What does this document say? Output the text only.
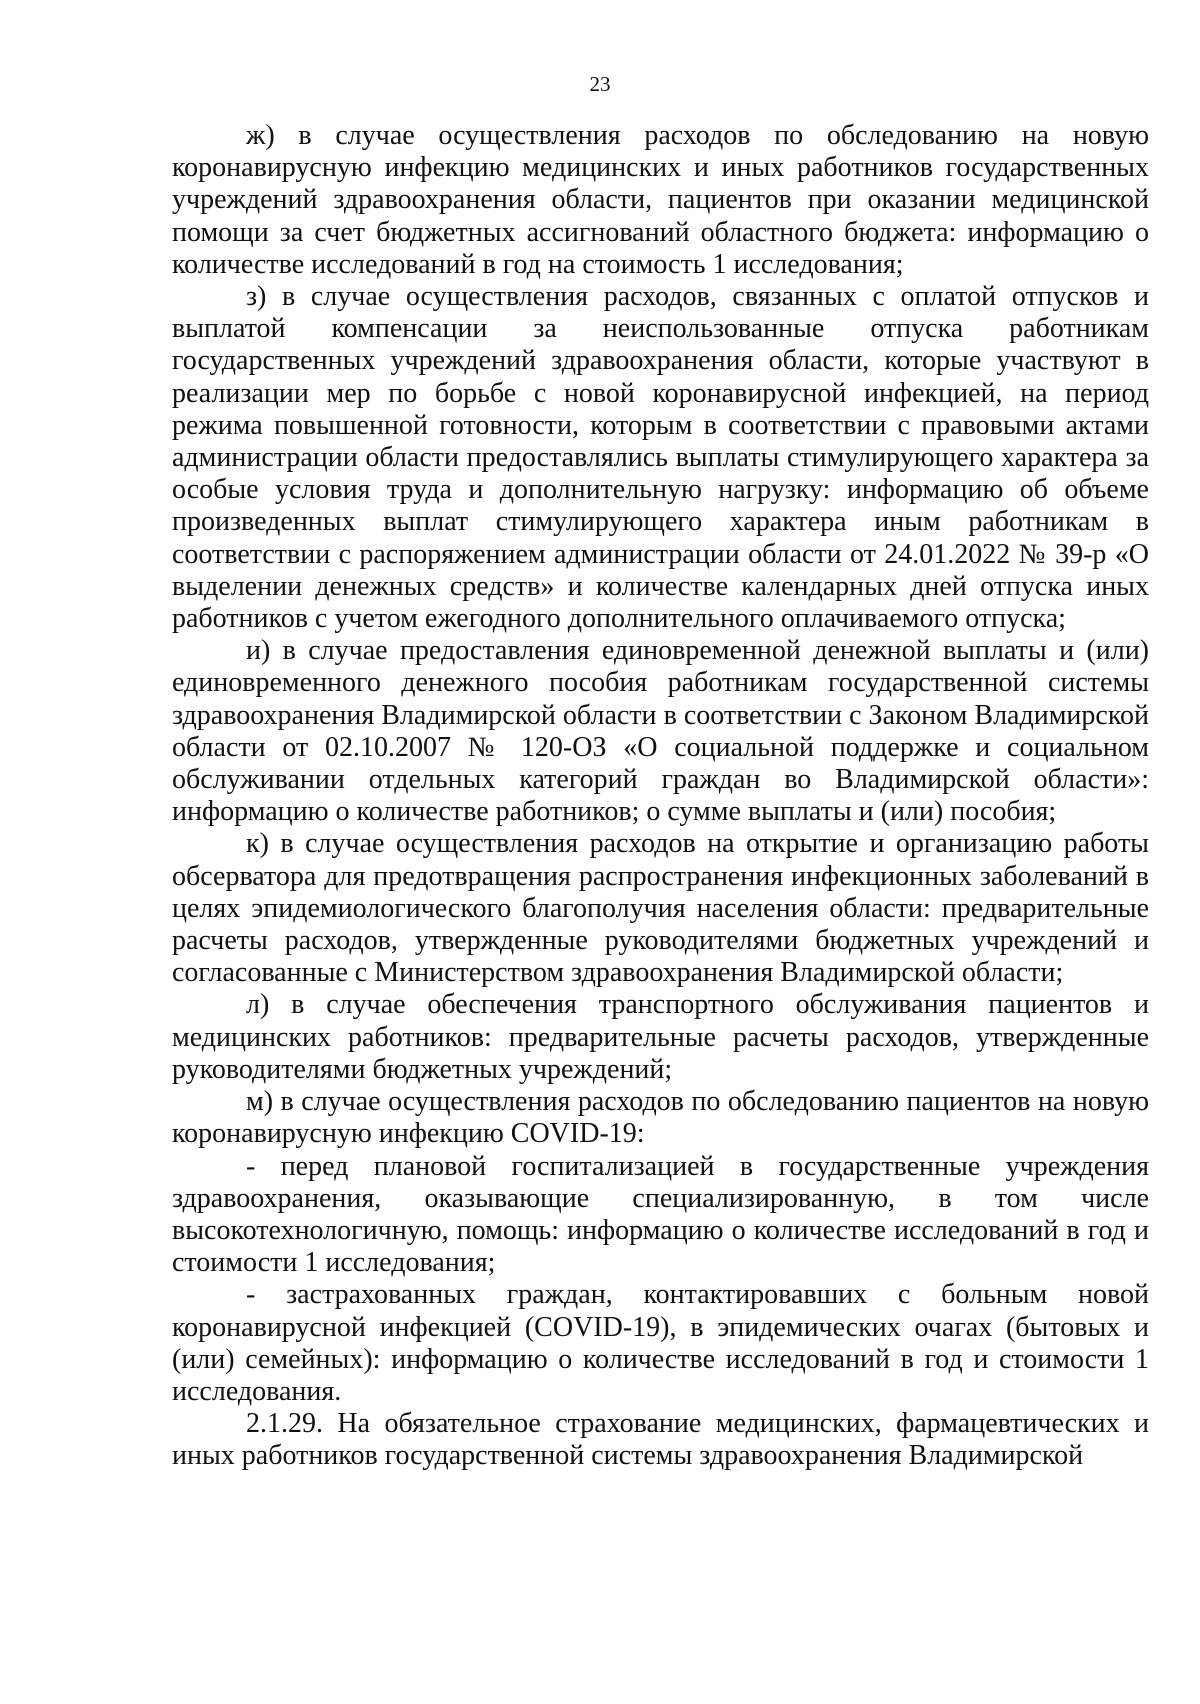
23

ж) в случае осуществления расходов по обследованию на новую коронавирусную инфекцию медицинских и иных работников государственных учреждений здравоохранения области, пациентов при оказании медицинской помощи за счет бюджетных ассигнований областного бюджета: информацию о количестве исследований в год на стоимость 1 исследования;

з) в случае осуществления расходов, связанных с оплатой отпусков и выплатой компенсации за неиспользованные отпуска работникам государственных учреждений здравоохранения области, которые участвуют в реализации мер по борьбе с новой коронавирусной инфекцией, на период режима повышенной готовности, которым в соответствии с правовыми актами администрации области предоставлялись выплаты стимулирующего характера за особые условия труда и дополнительную нагрузку: информацию об объеме произведенных выплат стимулирующего характера иным работникам в соответствии с распоряжением администрации области от 24.01.2022 № 39-р «О выделении денежных средств» и количестве календарных дней отпуска иных работников с учетом ежегодного дополнительного оплачиваемого отпуска;

и) в случае предоставления единовременной денежной выплаты и (или) единовременного денежного пособия работникам государственной системы здравоохранения Владимирской области в соответствии с Законом Владимирской области от 02.10.2007 № 120-ОЗ «О социальной поддержке и социальном обслуживании отдельных категорий граждан во Владимирской области»: информацию о количестве работников; о сумме выплаты и (или) пособия;

к) в случае осуществления расходов на открытие и организацию работы обсерватора для предотвращения распространения инфекционных заболеваний в целях эпидемиологического благополучия населения области: предварительные расчеты расходов, утвержденные руководителями бюджетных учреждений и согласованные с Министерством здравоохранения Владимирской области;

л) в случае обеспечения транспортного обслуживания пациентов и медицинских работников: предварительные расчеты расходов, утвержденные руководителями бюджетных учреждений;

м) в случае осуществления расходов по обследованию пациентов на новую коронавирусную инфекцию COVID-19:

- перед плановой госпитализацией в государственные учреждения здравоохранения, оказывающие специализированную, в том числе высокотехнологичную, помощь: информацию о количестве исследований в год и стоимости 1 исследования;

- застрахованных граждан, контактировавших с больным новой коронавирусной инфекцией (COVID-19), в эпидемических очагах (бытовых и (или) семейных): информацию о количестве исследований в год и стоимости 1 исследования.

2.1.29. На обязательное страхование медицинских, фармацевтических и иных работников государственной системы здравоохранения Владимирской
